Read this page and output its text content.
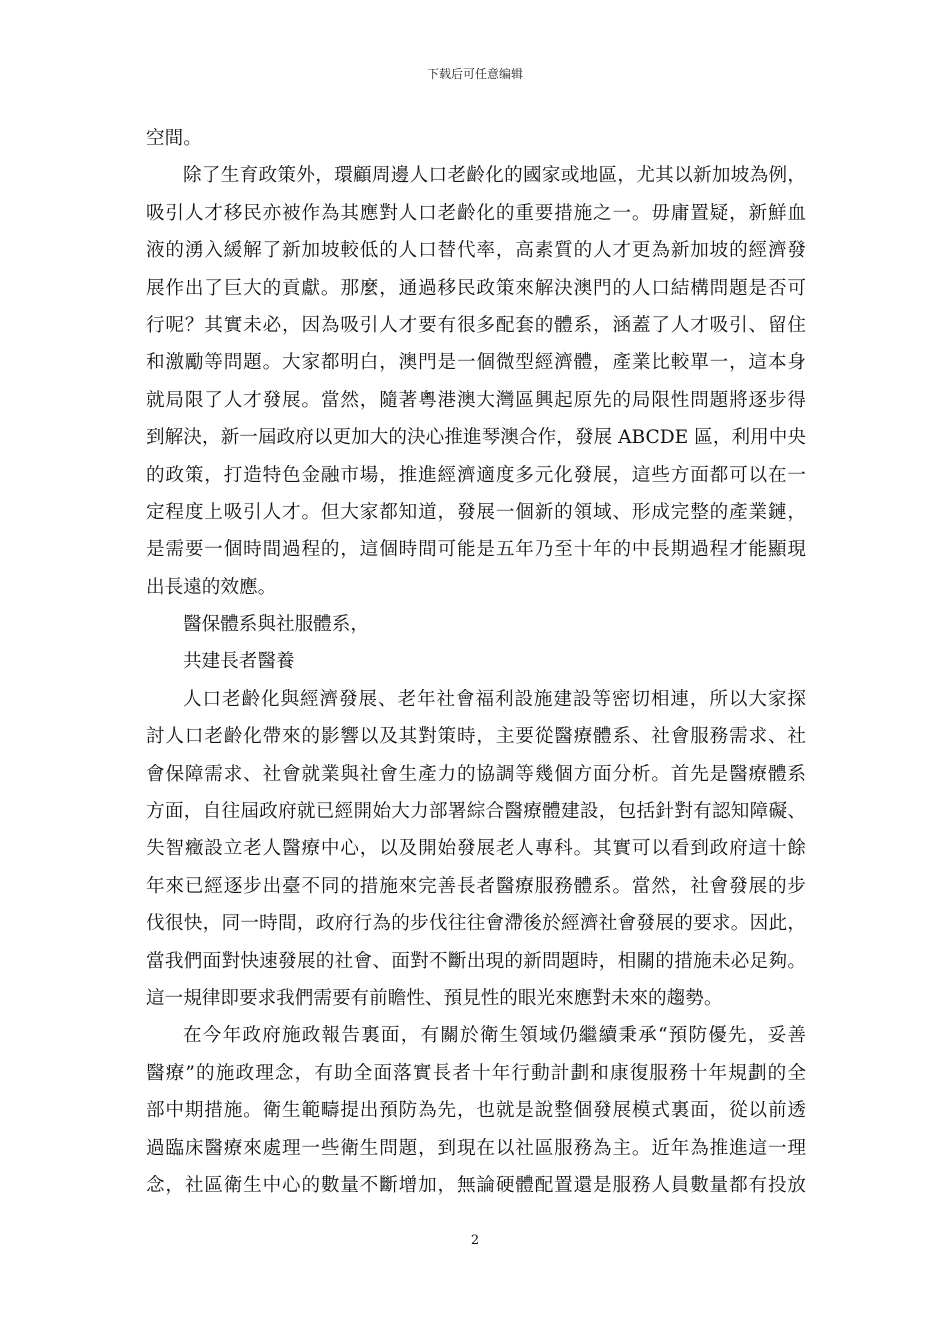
下载后可任意编辑
空間。
除了生育政策外，環顧周邊人口老齡化的國家或地區，尤其以新加坡為例，
吸引人才移民亦被作為其應對人口老齡化的重要措施之一。毋庸置疑，新鮮血
液的湧入緩解了新加坡較低的人口替代率，高素質的人才更為新加坡的經濟發
展作出了巨大的貢獻。那麼，通過移民政策來解決澳門的人口結構問題是否可
行呢？其實未必，因為吸引人才要有很多配套的體系，涵蓋了人才吸引、留住
和激勵等問題。大家都明白，澳門是一個微型經濟體，產業比較單一，這本身
就局限了人才發展。當然，隨著粵港澳大灣區興起原先的局限性問題將逐步得
到解決，新一屆政府以更加大的決心推進琴澳合作，發展 ABCDE 區，利用中央
的政策，打造特色金融市場，推進經濟適度多元化發展，這些方面都可以在一
定程度上吸引人才。但大家都知道，發展一個新的領域、形成完整的產業鏈，
是需要一個時間過程的，這個時間可能是五年乃至十年的中長期過程才能顯現
出長遠的效應。
醫保體系與社服體系，
共建長者醫養
人口老齡化與經濟發展、老年社會福利設施建設等密切相連，所以大家探
討人口老齡化帶來的影響以及其對策時，主要從醫療體系、社會服務需求、社
會保障需求、社會就業與社會生產力的協調等幾個方面分析。首先是醫療體系
方面，自往屆政府就已經開始大力部署綜合醫療體建設，包括針對有認知障礙、
失智癥設立老人醫療中心，以及開始發展老人專科。其實可以看到政府這十餘
年來已經逐步出臺不同的措施來完善長者醫療服務體系。當然，社會發展的步
伐很快，同一時間，政府行為的步伐往往會滯後於經濟社會發展的要求。因此，
當我們面對快速發展的社會、面對不斷出現的新問題時，相關的措施未必足夠。
這一規律即要求我們需要有前瞻性、預見性的眼光來應對未來的趨勢。
在今年政府施政報告裏面，有關於衛生領域仍繼續秉承“預防優先，妥善
醫療”的施政理念，有助全面落實長者十年行動計劃和康復服務十年規劃的全
部中期措施。衛生範疇提出預防為先，也就是說整個發展模式裏面，從以前透
過臨床醫療來處理一些衛生問題，到現在以社區服務為主。近年為推進這一理
念，社區衛生中心的數量不斷增加，無論硬體配置還是服務人員數量都有投放
2
